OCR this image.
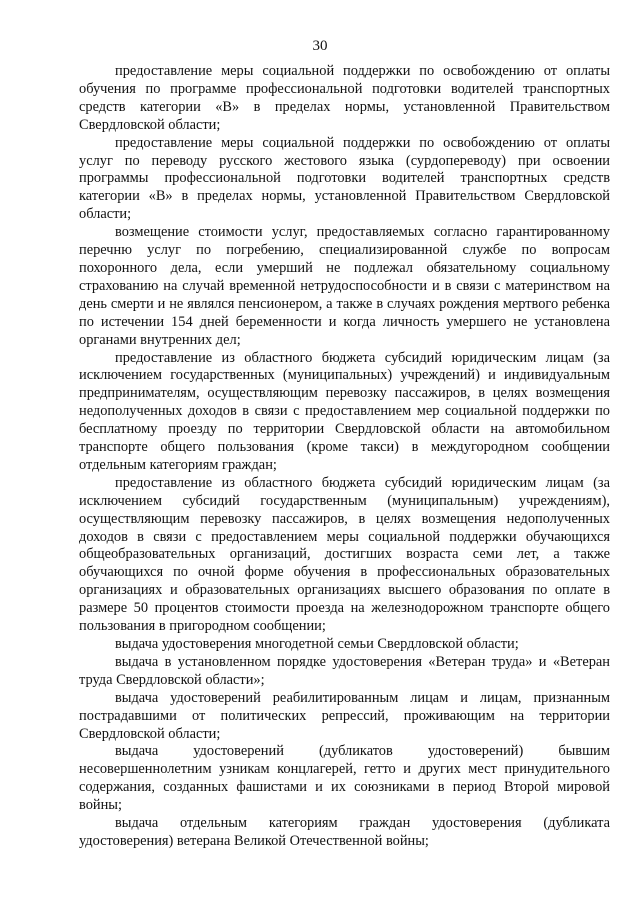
30

предоставление меры социальной поддержки по освобождению от оплаты обучения по программе профессиональной подготовки водителей транспортных средств категории «В» в пределах нормы, установленной Правительством Свердловской области;

предоставление меры социальной поддержки по освобождению от оплаты услуг по переводу русского жестового языка (сурдопереводу) при освоении программы профессиональной подготовки водителей транспортных средств категории «В» в пределах нормы, установленной Правительством Свердловской области;

возмещение стоимости услуг, предоставляемых согласно гарантированному перечню услуг по погребению, специализированной службе по вопросам похоронного дела, если умерший не подлежал обязательному социальному страхованию на случай временной нетрудоспособности и в связи с материнством на день смерти и не являлся пенсионером, а также в случаях рождения мертвого ребенка по истечении 154 дней беременности и когда личность умершего не установлена органами внутренних дел;

предоставление из областного бюджета субсидий юридическим лицам (за исключением государственных (муниципальных) учреждений) и индивидуальным предпринимателям, осуществляющим перевозку пассажиров, в целях возмещения недополученных доходов в связи с предоставлением мер социальной поддержки по бесплатному проезду по территории Свердловской области на автомобильном транспорте общего пользования (кроме такси) в междугородном сообщении отдельным категориям граждан;

предоставление из областного бюджета субсидий юридическим лицам (за исключением субсидий государственным (муниципальным) учреждениям), осуществляющим перевозку пассажиров, в целях возмещения недополученных доходов в связи с предоставлением меры социальной поддержки обучающихся общеобразовательных организаций, достигших возраста семи лет, а также обучающихся по очной форме обучения в профессиональных образовательных организациях и образовательных организациях высшего образования по оплате в размере 50 процентов стоимости проезда на железнодорожном транспорте общего пользования в пригородном сообщении;

выдача удостоверения многодетной семьи Свердловской области;

выдача в установленном порядке удостоверения «Ветеран труда» и «Ветеран труда Свердловской области»;

выдача удостоверений реабилитированным лицам и лицам, признанным пострадавшими от политических репрессий, проживающим на территории Свердловской области;

выдача удостоверений (дубликатов удостоверений) бывшим несовершеннолетним узникам концлагерей, гетто и других мест принудительного содержания, созданных фашистами и их союзниками в период Второй мировой войны;

выдача отдельным категориям граждан удостоверения (дубликата удостоверения) ветерана Великой Отечественной войны;
